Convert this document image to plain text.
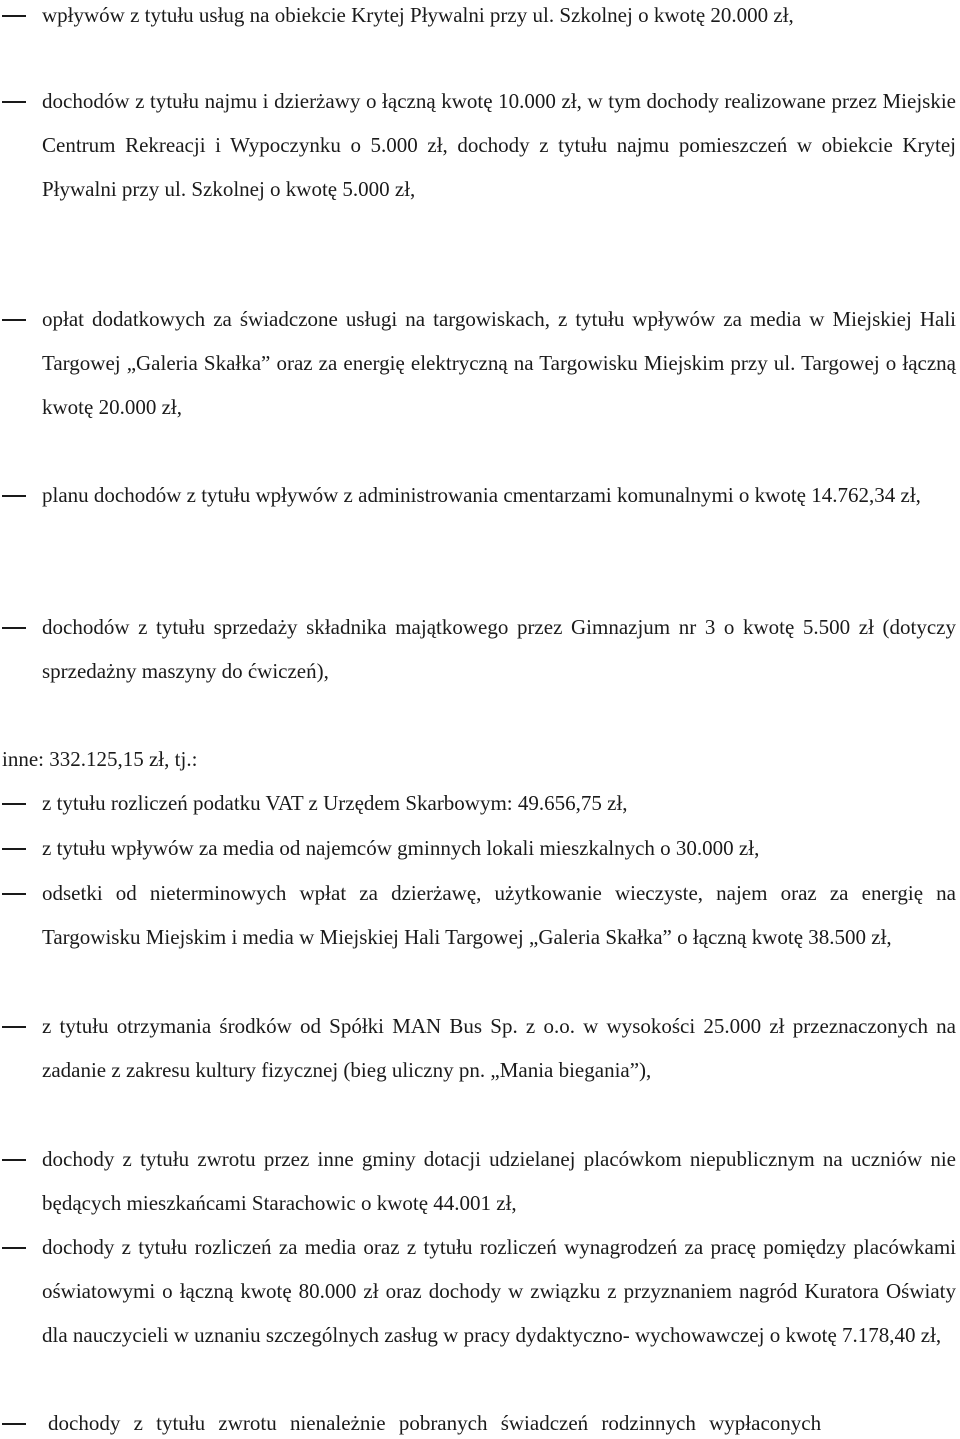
wpływów z tytułu usług na obiekcie Krytej Pływalni przy ul. Szkolnej o kwotę 20.000 zł,
dochodów z tytułu najmu i dzierżawy o łączną kwotę 10.000 zł, w tym dochody realizowane przez Miejskie Centrum Rekreacji i Wypoczynku o 5.000 zł, dochody z tytułu najmu pomieszczeń w obiekcie Krytej Pływalni przy ul. Szkolnej o kwotę 5.000 zł,
opłat dodatkowych za świadczone usługi na targowiskach, z tytułu wpływów za media w Miejskiej Hali Targowej „Galeria Skałka” oraz za energię elektryczną na Targowisku Miejskim przy ul. Targowej o łączną kwotę 20.000 zł,
planu dochodów z tytułu wpływów z administrowania cmentarzami komunalnymi o kwotę 14.762,34 zł,
dochodów z tytułu sprzedaży składnika majątkowego przez Gimnazjum nr 3 o kwotę 5.500 zł (dotyczy sprzedażny maszyny do ćwiczeń),
inne: 332.125,15 zł, tj.:
z tytułu rozliczeń podatku VAT z Urzędem Skarbowym: 49.656,75 zł,
z tytułu wpływów za media od najemców gminnych lokali mieszkalnych o 30.000 zł,
odsetki od nieterminowych wpłat za dzierżawę, użytkowanie wieczyste, najem oraz za energię na Targowisku Miejskim i media w Miejskiej Hali Targowej „Galeria Skałka” o łączną kwotę 38.500 zł,
z tytułu otrzymania środków od Spółki MAN Bus Sp. z o.o. w wysokości 25.000 zł przeznaczonych na zadanie z zakresu kultury fizycznej (bieg uliczny pn. „Mania biegania”),
dochody z tytułu zwrotu przez inne gminy dotacji udzielanej placówkom niepublicznym na uczniów nie będących mieszkańcami Starachowic o kwotę 44.001 zł,
dochody z tytułu rozliczeń za media oraz z tytułu rozliczeń wynagrodzeń za pracę pomiędzy placówkami oświatowymi o łączną kwotę 80.000 zł oraz dochody w związku z przyznaniem nagród Kuratora Oświaty dla nauczycieli w uznaniu szczególnych zasług w pracy dydaktyczno- wychowawczej o kwotę 7.178,40 zł,
dochody z tytułu zwrotu nienależnie pobranych świadczeń rodzinnych wypłaconych
